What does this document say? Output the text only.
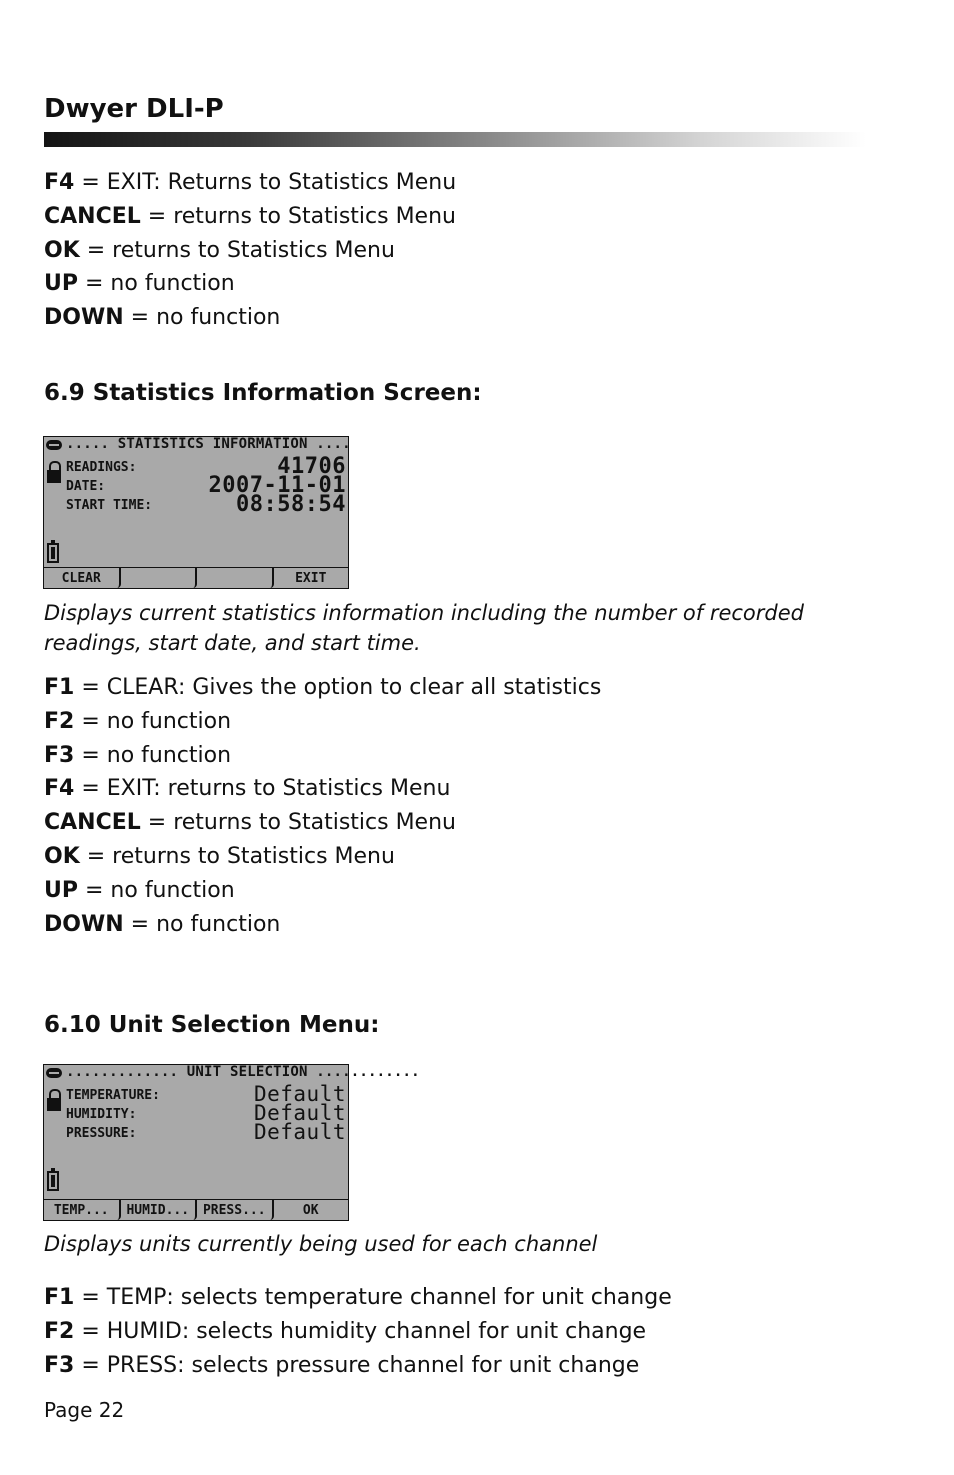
Dwyer DLI-P
F4 = EXIT: Returns to Statistics Menu
CANCEL = returns to Statistics Menu
OK = returns to Statistics Menu
UP = no function
DOWN = no function
6.9 Statistics Information Screen:
..... STATISTICS INFORMATION ....
READINGS:	41706
DATE:	2007-11-01
START TIME:	08:58:54
CLEAR	EXIT

Displays current statistics information including the number of recorded readings, start date, and start time.

F1 = CLEAR: Gives the option to clear all statistics
F2 = no function
F3 = no function
F4 = EXIT: returns to Statistics Menu
CANCEL = returns to Statistics Menu
OK = returns to Statistics Menu
UP = no function
DOWN = no function
6.10 Unit Selection Menu:
............. UNIT SELECTION ............
TEMPERATURE:	Default
HUMIDITY:	Default
PRESSURE:	Default
TEMP...	HUMID...	PRESS...	OK

Displays units currently being used for each channel

F1 = TEMP: selects temperature channel for unit change
F2 = HUMID: selects humidity channel for unit change
F3 = PRESS: selects pressure channel for unit change
Page 22
